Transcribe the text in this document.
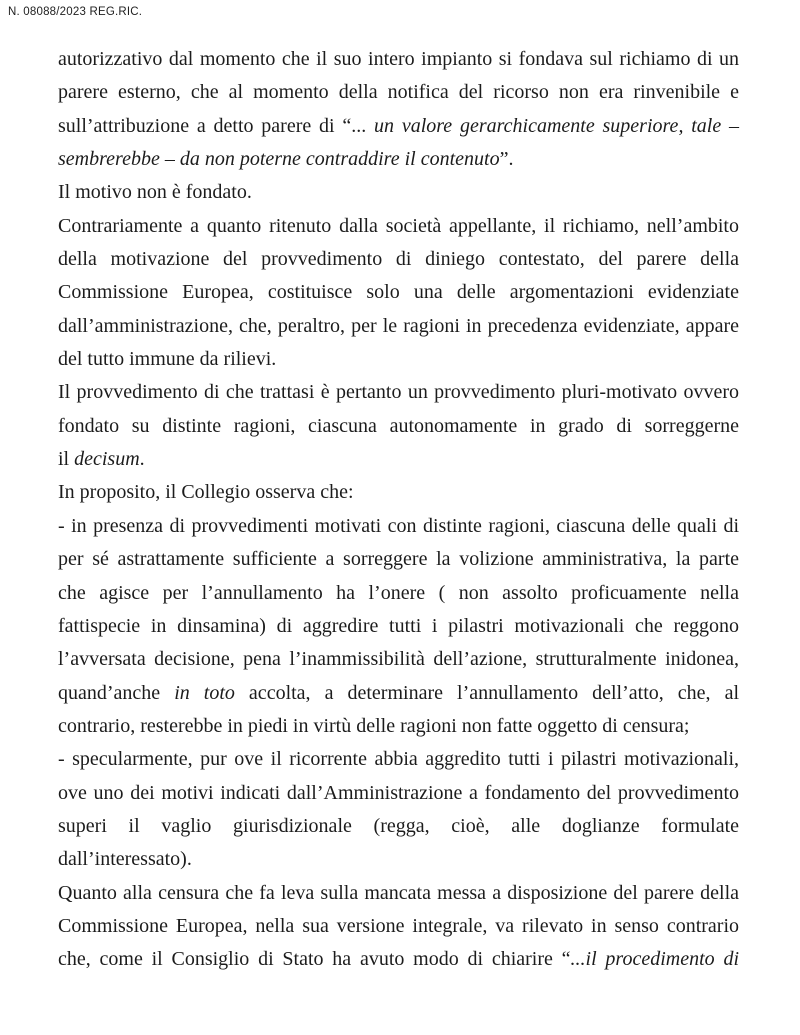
N. 08088/2023 REG.RIC.
autorizzativo dal momento che il suo intero impianto si fondava sul richiamo di un
parere esterno, che al momento della notifica del ricorso non era rinvenibile e
sull’attribuzione a detto parere di “... un valore gerarchicamente superiore, tale –
sembrerebbe – da non poterne contraddire il contenuto”.
Il motivo non è fondato.
Contrariamente a quanto ritenuto dalla società appellante, il richiamo, nell’ambito
della motivazione del provvedimento di diniego contestato, del parere della
Commissione Europea, costituisce solo una delle argomentazioni evidenziate
dall’amministrazione, che, peraltro, per le ragioni in precedenza evidenziate, appare
del tutto immune da rilievi.
Il provvedimento di che trattasi è pertanto un provvedimento pluri-motivato ovvero
fondato su distinte ragioni, ciascuna autonomamente in grado di sorreggerne
il decisum.
In proposito, il Collegio osserva che:
- in presenza di provvedimenti motivati con distinte ragioni, ciascuna delle quali di
per sé astrattamente sufficiente a sorreggere la volizione amministrativa, la parte
che agisce per l’annullamento ha l’onere ( non assolto proficuamente nella
fattispecie in dinsamina) di aggredire tutti i pilastri motivazionali che reggono
l’avversata decisione, pena l’inammissibilità dell’azione, strutturalmente inidonea,
quand’anche in toto accolta, a determinare l’annullamento dell’atto, che, al
contrario, resterebbe in piedi in virtù delle ragioni non fatte oggetto di censura;
- specularmente, pur ove il ricorrente abbia aggredito tutti i pilastri motivazionali,
ove uno dei motivi indicati dall’Amministrazione a fondamento del provvedimento
superi il vaglio giurisdizionale (regga, cioè, alle doglianze formulate
dall’interessato).
Quanto alla censura che fa leva sulla mancata messa a disposizione del parere della
Commissione Europea, nella sua versione integrale, va rilevato in senso contrario
che, come il Consiglio di Stato ha avuto modo di chiarire “...il procedimento di
